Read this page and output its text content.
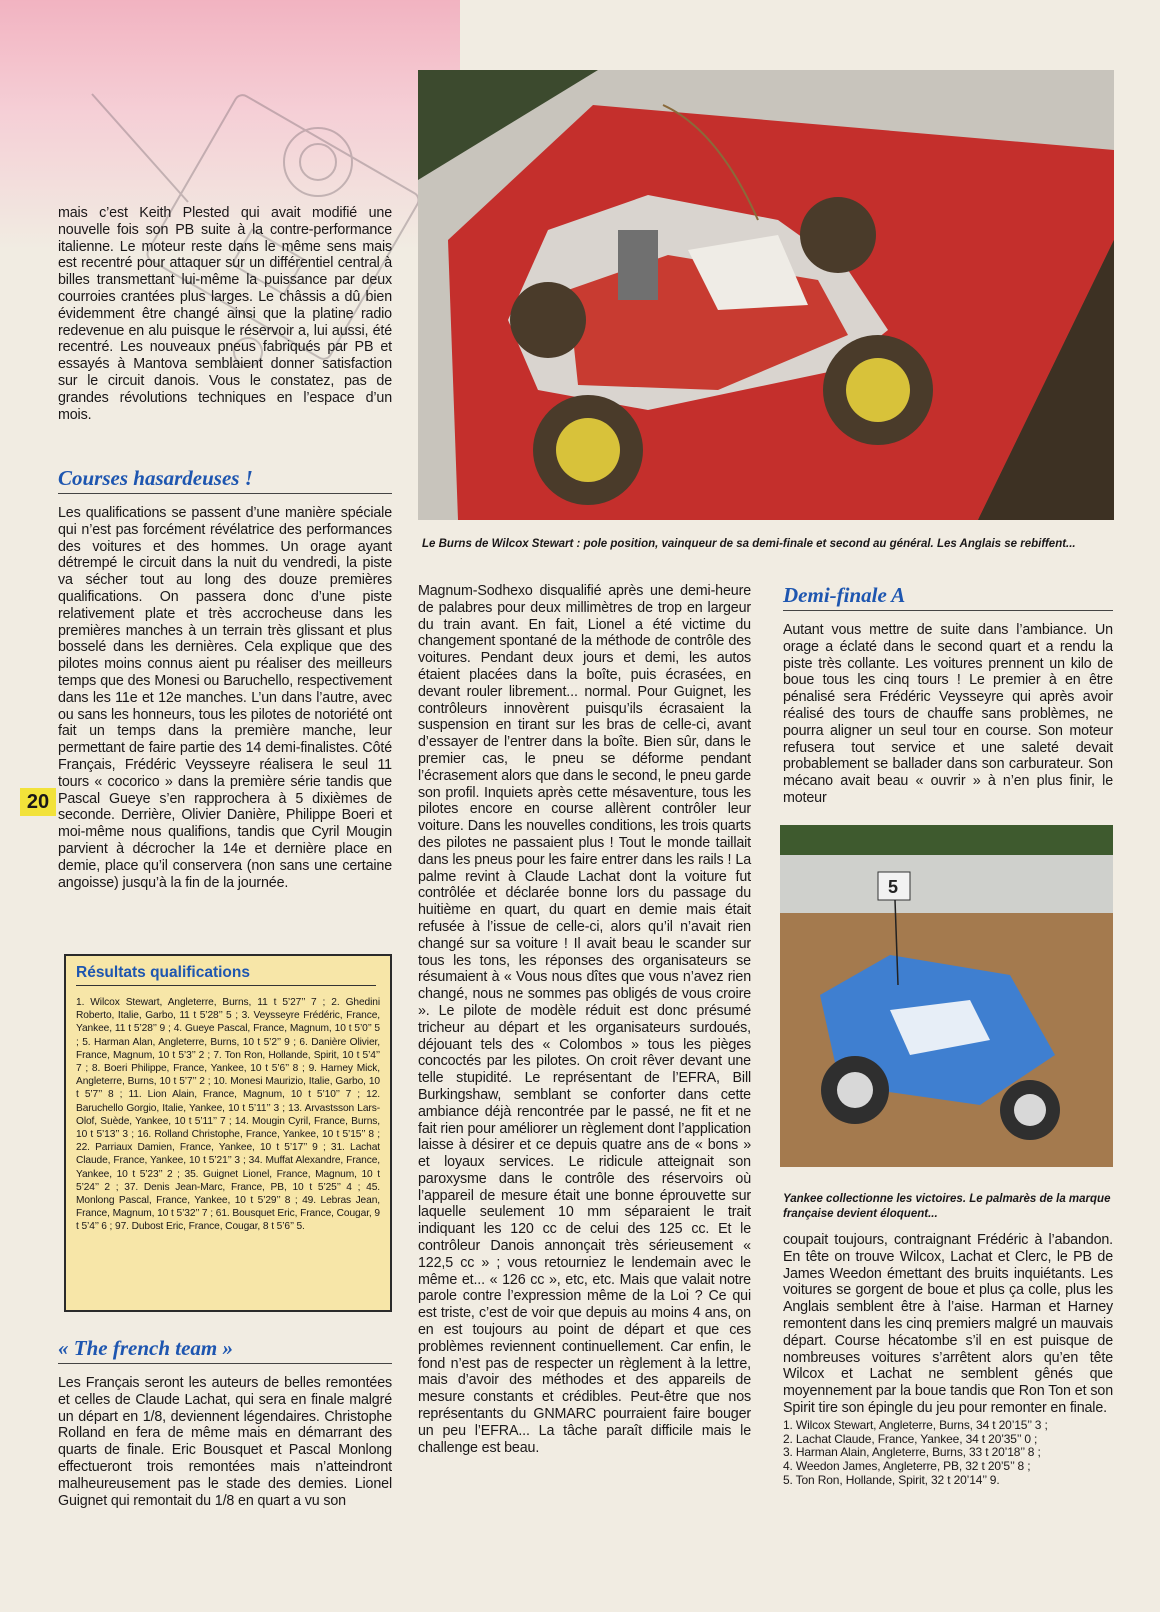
mais c’est Keith Plested qui avait modifié une nouvelle fois son PB suite à la contre-performance italienne. Le moteur reste dans le même sens mais est recentré pour attaquer sur un différentiel central à billes transmettant lui-même la puissance par deux courroies crantées plus larges. Le châssis a dû bien évidemment être changé ainsi que la platine radio redevenue en alu puisque le réservoir a, lui aussi, été recentré. Les nouveaux pneus fabriqués par PB et essayés à Mantova semblaient donner satisfaction sur le circuit danois. Vous le constatez, pas de grandes révolutions techniques en l’espace d’un mois.

Courses hasardeuses !

Les qualifications se passent d’une manière spéciale qui n’est pas forcément révélatrice des performances des voitures et des hommes. Un orage ayant détrempé le circuit dans la nuit du vendredi, la piste va sécher tout au long des douze premières qualifications. On passera donc d’une piste relativement plate et très accrocheuse dans les premières manches à un terrain très glissant et plus bosselé dans les dernières. Cela explique que des pilotes moins connus aient pu réaliser des meilleurs temps que des Monesi ou Baruchello, respectivement dans les 11e et 12e manches. L’un dans l’autre, avec ou sans les honneurs, tous les pilotes de notoriété ont fait un temps dans la première manche, leur permettant de faire partie des 14 demi-finalistes. Côté Français, Frédéric Veysseyre réalisera le seul 11 tours « cocorico » dans la première série tandis que Pascal Gueye s’en rapprochera à 5 dixièmes de seconde. Derrière, Olivier Danière, Philippe Boeri et moi-même nous qualifions, tandis que Cyril Mougin parvient à décrocher la 14e et dernière place en demie, place qu’il conservera (non sans une certaine angoisse) jusqu’à la fin de la journée.

20
Résultats qualifications

1. Wilcox Stewart, Angleterre, Burns, 11 t 5’27’’ 7 ; 2. Ghedini Roberto, Italie, Garbo, 11 t 5’28’’ 5 ; 3. Veysseyre Frédéric, France, Yankee, 11 t 5’28’’ 9 ; 4. Gueye Pascal, France, Magnum, 10 t 5’0’’ 5 ; 5. Harman Alan, Angleterre, Burns, 10 t 5’2’’ 9 ; 6. Danière Olivier, France, Magnum, 10 t 5’3’’ 2 ; 7. Ton Ron, Hollande, Spirit, 10 t 5’4’’ 7 ; 8. Boeri Philippe, France, Yankee, 10 t 5’6’’ 8 ; 9. Harney Mick, Angleterre, Burns, 10 t 5’7’’ 2 ; 10. Monesi Maurizio, Italie, Garbo, 10 t 5’7’’ 8 ; 11. Lion Alain, France, Magnum, 10 t 5’10’’ 7 ; 12. Baruchello Gorgio, Italie, Yankee, 10 t 5’11’’ 3 ; 13. Arvastsson Lars-Olof, Suède, Yankee, 10 t 5’11’’ 7 ; 14. Mougin Cyril, France, Burns, 10 t 5’13’’ 3 ; 16. Rolland Christophe, France, Yankee, 10 t 5’15’’ 8 ; 22. Parriaux Damien, France, Yankee, 10 t 5’17’’ 9 ; 31. Lachat Claude, France, Yankee, 10 t 5’21’’ 3 ; 34. Muffat Alexandre, France, Yankee, 10 t 5’23’’ 2 ; 35. Guignet Lionel, France, Magnum, 10 t 5’24’’ 2 ; 37. Denis Jean-Marc, France, PB, 10 t 5’25’’ 4 ; 45. Monlong Pascal, France, Yankee, 10 t 5’29’’ 8 ; 49. Lebras Jean, France, Magnum, 10 t 5’32’’ 7 ; 61. Bousquet Eric, France, Cougar, 9 t 5’4’’ 6 ; 97. Dubost Eric, France, Cougar, 8 t 5’6’’ 5.

« The french team »

Les Français seront les auteurs de belles remontées et celles de Claude Lachat, qui sera en finale malgré un départ en 1/8, deviennent légendaires. Christophe Rolland en fera de même mais en démarrant des quarts de finale. Eric Bousquet et Pascal Monlong effectueront trois remontées mais n’atteindront malheureusement pas le stade des demies. Lionel Guignet qui remontait du 1/8 en quart a vu son

Le Burns de Wilcox Stewart : pole position, vainqueur de sa demi-finale et second au général. Les Anglais se rebiffent...

Magnum-Sodhexo disqualifié après une demi-heure de palabres pour deux millimètres de trop en largeur du train avant. En fait, Lionel a été victime du changement spontané de la méthode de contrôle des voitures. Pendant deux jours et demi, les autos étaient placées dans la boîte, puis écrasées, en devant rouler librement... normal. Pour Guignet, les contrôleurs innovèrent puisqu’ils écrasaient la suspension en tirant sur les bras de celle-ci, avant d’essayer de l’entrer dans la boîte. Bien sûr, dans le premier cas, le pneu se déforme pendant l’écrasement alors que dans le second, le pneu garde son profil. Inquiets après cette mésaventure, tous les pilotes encore en course allèrent contrôler leur voiture. Dans les nouvelles conditions, les trois quarts des pilotes ne passaient plus ! Tout le monde taillait dans les pneus pour les faire entrer dans les rails ! La palme revint à Claude Lachat dont la voiture fut contrôlée et déclarée bonne lors du passage du huitième en quart, du quart en demie mais était refusée à l’issue de celle-ci, alors qu’il n’avait rien changé sur sa voiture ! Il avait beau le scander sur tous les tons, les réponses des organisateurs se résumaient à « Vous nous dîtes que vous n’avez rien changé, nous ne sommes pas obligés de vous croire ». Le pilote de modèle réduit est donc présumé tricheur au départ et les organisateurs surdoués, déjouant tels des « Colombos » tous les pièges concoctés par les pilotes. On croit rêver devant une telle stupidité. Le représentant de l’EFRA, Bill Burkingshaw, semblant se conforter dans cette ambiance déjà rencontrée par le passé, ne fit et ne fait rien pour améliorer un règlement dont l’application laisse à désirer et ce depuis quatre ans de « bons » et loyaux services. Le ridicule atteignait son paroxysme dans le contrôle des réservoirs où l’appareil de mesure était une bonne éprouvette sur laquelle seulement 10 mm séparaient le trait indiquant les 120 cc de celui des 125 cc. Et le contrôleur Danois annonçait très sérieusement « 122,5 cc » ; vous retourniez le lendemain avec le même et... « 126 cc », etc, etc. Mais que valait notre parole contre l’expression même de la Loi ? Ce qui est triste, c’est de voir que depuis au moins 4 ans, on en est toujours au point de départ et que ces problèmes reviennent continuellement. Car enfin, le fond n’est pas de respecter un règlement à la lettre, mais d’avoir des méthodes et des appareils de mesure constants et crédibles. Peut-être que nos représentants du GNMARC pourraient faire bouger un peu l’EFRA... La tâche paraît difficile mais le challenge est beau.

Demi-finale A

Autant vous mettre de suite dans l’ambiance. Un orage a éclaté dans le second quart et a rendu la piste très collante. Les voitures prennent un kilo de boue tous les cinq tours ! Le premier à en être pénalisé sera Frédéric Veysseyre qui après avoir réalisé des tours de chauffe sans problèmes, ne pourra aligner un seul tour en course. Son moteur refusera tout service et une saleté devait probablement se ballader dans son carburateur. Son mécano avait beau « ouvrir » à n’en plus finir, le moteur

5
Yankee collectionne les victoires. Le palmarès de la marque française devient éloquent...

coupait toujours, contraignant Frédéric à l’abandon. En tête on trouve Wilcox, Lachat et Clerc, le PB de James Weedon émettant des bruits inquiétants. Les voitures se gorgent de boue et plus ça colle, plus les Anglais semblent être à l’aise. Harman et Harney remontent dans les cinq premiers malgré un mauvais départ. Course hécatombe s’il en est puisque de nombreuses voitures s’arrêtent alors qu’en tête Wilcox et Lachat ne semblent gênés que moyennement par la boue tandis que Ron Ton et son Spirit tire son épingle du jeu pour remonter en finale.

1. Wilcox Stewart, Angleterre, Burns, 34 t 20’15’’ 3 ;
2. Lachat Claude, France, Yankee, 34 t 20’35’’ 0 ;
3. Harman Alain, Angleterre, Burns, 33 t 20’18’’ 8 ;
4. Weedon James, Angleterre, PB, 32 t 20’5’’ 8 ;
5. Ton Ron, Hollande, Spirit, 32 t 20’14’’ 9.
